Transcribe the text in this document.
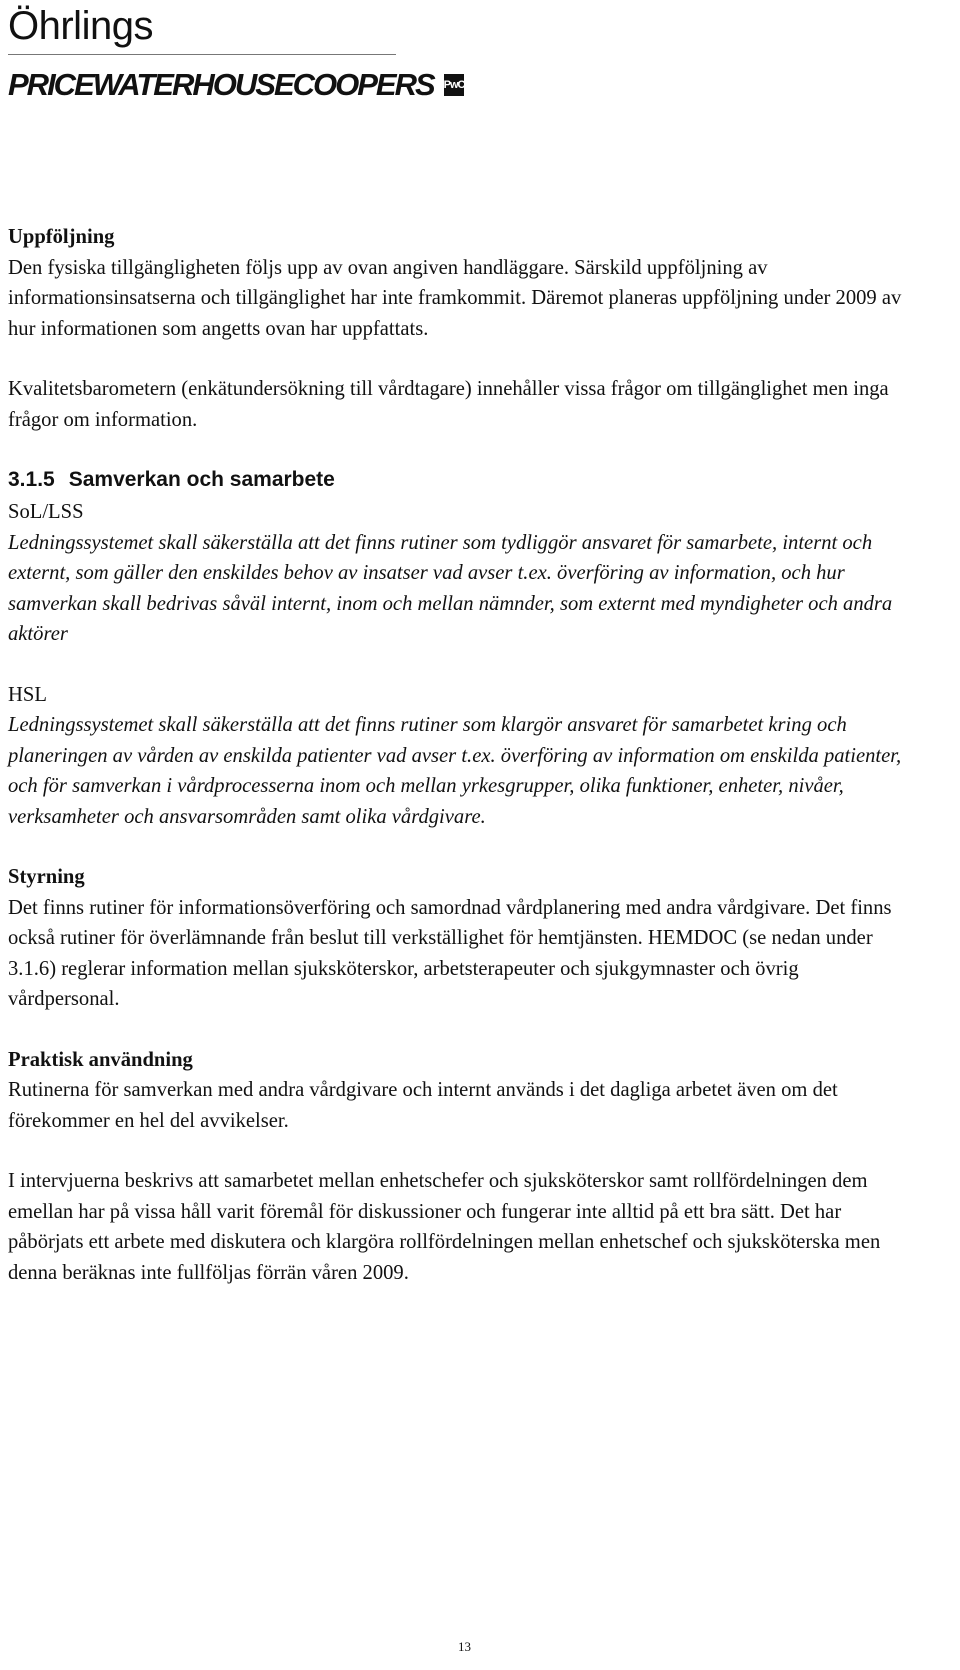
Öhrlings
PRICEWATERHOUSECOOPERS PwC

Uppföljning

Den fysiska tillgängligheten följs upp av ovan angiven handläggare. Särskild uppföljning av informationsinsatserna och tillgänglighet har inte framkommit. Däremot planeras uppföljning under 2009 av hur informationen som angetts ovan har uppfattats.

Kvalitetsbarometern (enkätundersökning till vårdtagare) innehåller vissa frågor om tillgänglighet men inga frågor om information.

3.1.5 Samverkan och samarbete

SoL/LSS

Ledningssystemet skall säkerställa att det finns rutiner som tydliggör ansvaret för samarbete, internt och externt, som gäller den enskildes behov av insatser vad avser t.ex. överföring av information, och hur samverkan skall bedrivas såväl internt, inom och mellan nämnder, som externt med myndigheter och andra aktörer

HSL

Ledningssystemet skall säkerställa att det finns rutiner som klargör ansvaret för samarbetet kring och planeringen av vården av enskilda patienter vad avser t.ex. överföring av information om enskilda patienter, och för samverkan i vårdprocesserna inom och mellan yrkesgrupper, olika funktioner, enheter, nivåer, verksamheter och ansvarsområden samt olika vårdgivare.

Styrning

Det finns rutiner för informationsöverföring och samordnad vårdplanering med andra vårdgivare. Det finns också rutiner för överlämnande från beslut till verkställighet för hemtjänsten. HEMDOC (se nedan under 3.1.6) reglerar information mellan sjuksköterskor, arbetsterapeuter och sjukgymnaster och övrig vårdpersonal.

Praktisk användning

Rutinerna för samverkan med andra vårdgivare och internt används i det dagliga arbetet även om det förekommer en hel del avvikelser.

I intervjuerna beskrivs att samarbetet mellan enhetschefer och sjuksköterskor samt rollfördelningen dem emellan har på vissa håll varit föremål för diskussioner och fungerar inte alltid på ett bra sätt. Det har påbörjats ett arbete med diskutera och klargöra rollfördelningen mellan enhetschef och sjuksköterska men denna beräknas inte fullföljas förrän våren 2009.

13
